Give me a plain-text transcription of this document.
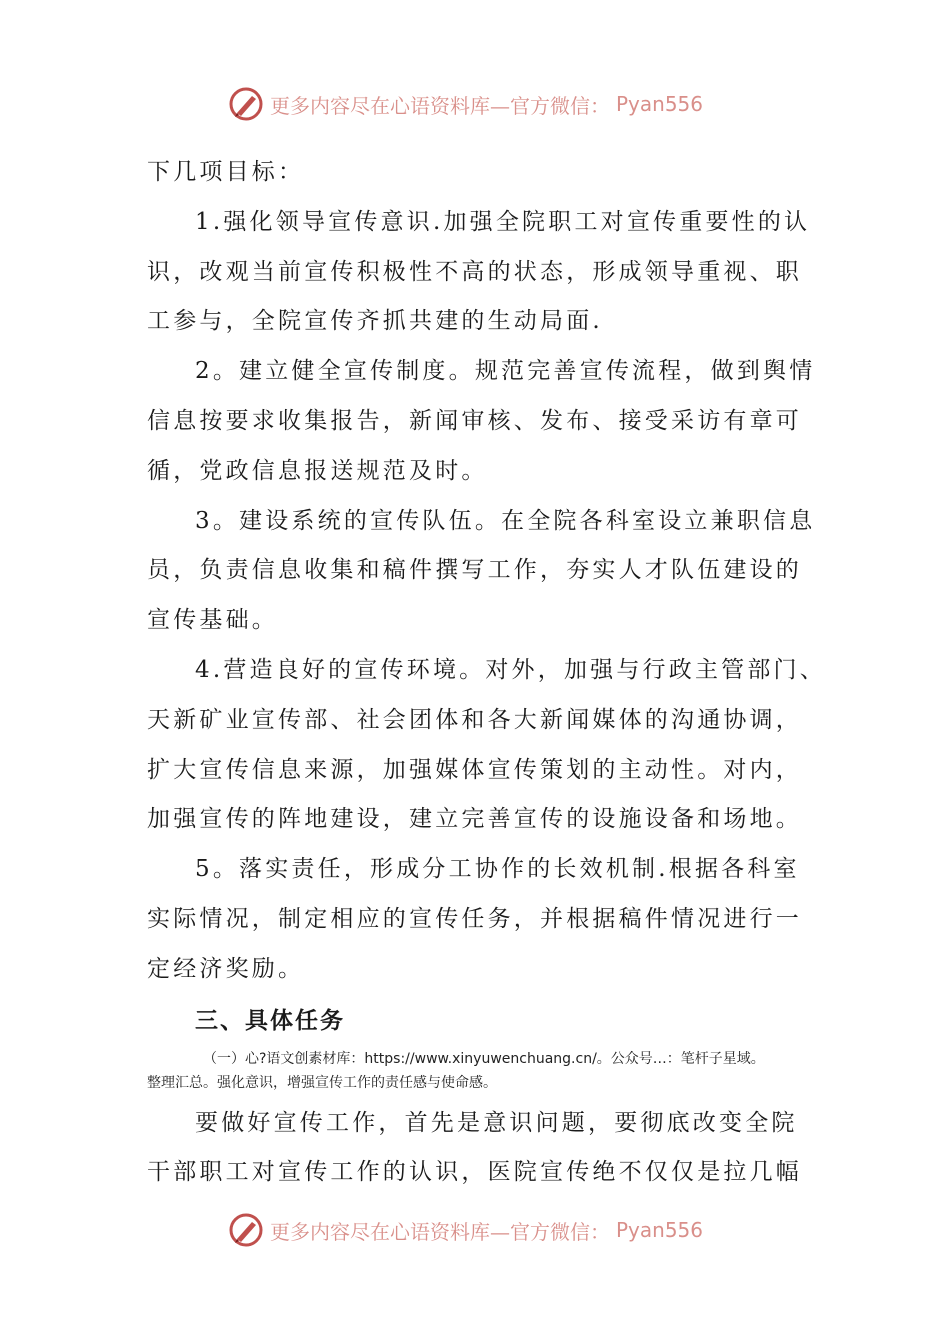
更多内容尽在心语资料库—官方微信： Pyan556
下几项目标：
1.强化领导宣传意识.加强全院职工对宣传重要性的认
识，改观当前宣传积极性不高的状态，形成领导重视、职
工参与，全院宣传齐抓共建的生动局面.
2。建立健全宣传制度。规范完善宣传流程，做到舆情
信息按要求收集报告，新闻审核、发布、接受采访有章可
循，党政信息报送规范及时。
3。建设系统的宣传队伍。在全院各科室设立兼职信息
员，负责信息收集和稿件撰写工作，夯实人才队伍建设的
宣传基础。
4.营造良好的宣传环境。对外，加强与行政主管部门、
天新矿业宣传部、社会团体和各大新闻媒体的沟通协调，
扩大宣传信息来源，加强媒体宣传策划的主动性。对内，
加强宣传的阵地建设，建立完善宣传的设施设备和场地。
5。落实责任，形成分工协作的长效机制.根据各科室
实际情况，制定相应的宣传任务，并根据稿件情况进行一
定经济奖励。
三、具体任务
（一）心?语文创素材库：https://www.xinyuwenchuang.cn/。公众号…：笔杆子星域。
整理汇总。强化意识，增强宣传工作的责任感与使命感。
要做好宣传工作，首先是意识问题，要彻底改变全院
干部职工对宣传工作的认识，医院宣传绝不仅仅是拉几幅
更多内容尽在心语资料库—官方微信： Pyan556
